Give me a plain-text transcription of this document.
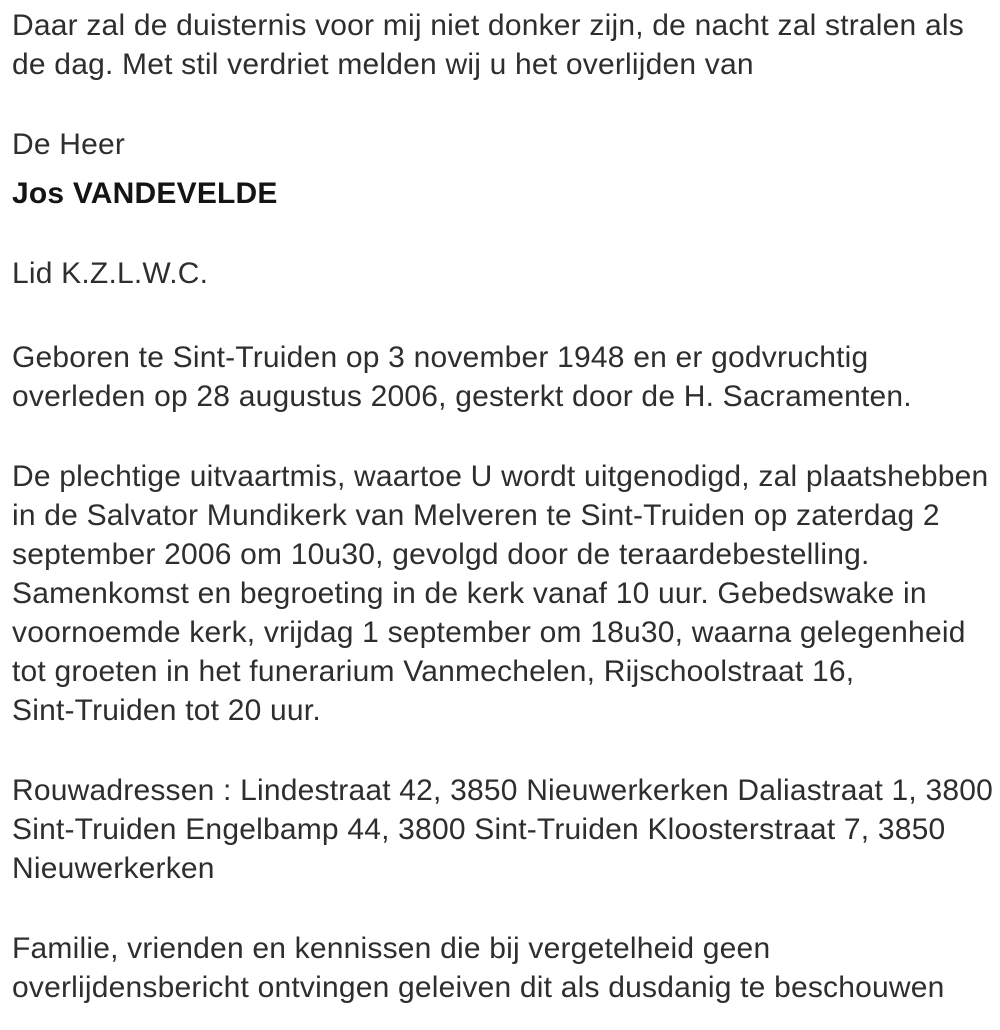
Daar zal de duisternis voor mij niet donker zijn, de nacht zal stralen als
de dag. Met stil verdriet melden wij u het overlijden van

De Heer

Jos VANDEVELDE

Lid K.Z.L.W.C.

Geboren te Sint-Truiden op 3 november 1948 en er godvruchtig
overleden op 28 augustus 2006, gesterkt door de H. Sacramenten.

De plechtige uitvaartmis, waartoe U wordt uitgenodigd, zal plaatshebben
in de Salvator Mundikerk van Melveren te Sint-Truiden op zaterdag 2
september 2006 om 10u30, gevolgd door de teraardebestelling.
Samenkomst en begroeting in de kerk vanaf 10 uur. Gebedswake in
voornoemde kerk, vrijdag 1 september om 18u30, waarna gelegenheid
tot groeten in het funerarium Vanmechelen, Rijschoolstraat 16,
Sint-Truiden tot 20 uur.

Rouwadressen : Lindestraat 42, 3850 Nieuwerkerken Daliastraat 1, 3800
Sint-Truiden Engelbamp 44, 3800 Sint-Truiden Kloosterstraat 7, 3850
Nieuwerkerken

Familie, vrienden en kennissen die bij vergetelheid geen
overlijdensbericht ontvingen geleiven dit als dusdanig te beschouwen
